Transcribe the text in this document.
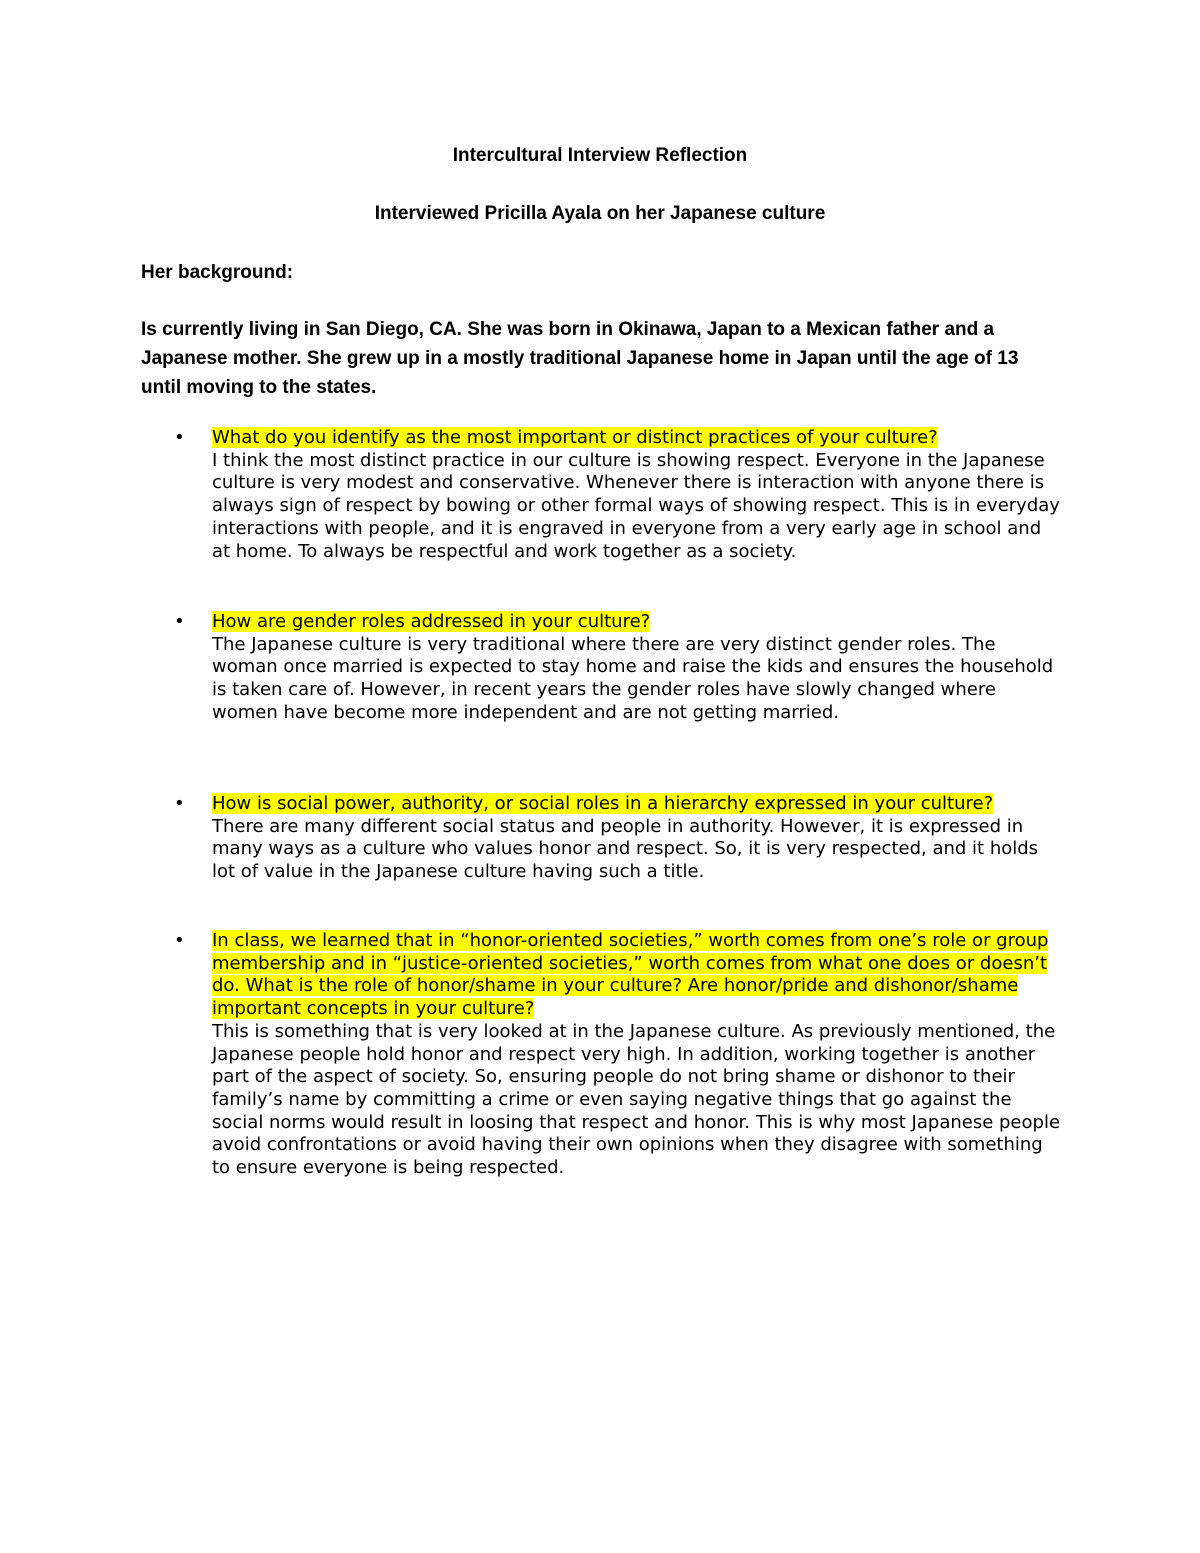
Intercultural Interview Reflection
Interviewed Pricilla Ayala on her Japanese culture

Her background:

Is currently living in San Diego, CA. She was born in Okinawa, Japan to a Mexican father and a Japanese mother. She grew up in a mostly traditional Japanese home in Japan until the age of 13 until moving to the states.

• What do you identify as the most important or distinct practices of your culture?
I think the most distinct practice in our culture is showing respect. Everyone in the Japanese culture is very modest and conservative. Whenever there is interaction with anyone there is always sign of respect by bowing or other formal ways of showing respect. This is in everyday interactions with people, and it is engraved in everyone from a very early age in school and at home. To always be respectful and work together as a society.
• How are gender roles addressed in your culture?
The Japanese culture is very traditional where there are very distinct gender roles. The woman once married is expected to stay home and raise the kids and ensures the household is taken care of. However, in recent years the gender roles have slowly changed where women have become more independent and are not getting married.
• How is social power, authority, or social roles in a hierarchy expressed in your culture?
There are many different social status and people in authority. However, it is expressed in many ways as a culture who values honor and respect. So, it is very respected, and it holds lot of value in the Japanese culture having such a title.
• In class, we learned that in “honor-oriented societies,” worth comes from one’s role or group membership and in “justice-oriented societies,” worth comes from what one does or doesn’t do. What is the role of honor/shame in your culture? Are honor/pride and dishonor/shame important concepts in your culture?
This is something that is very looked at in the Japanese culture. As previously mentioned, the Japanese people hold honor and respect very high. In addition, working together is another part of the aspect of society. So, ensuring people do not bring shame or dishonor to their family’s name by committing a crime or even saying negative things that go against the social norms would result in loosing that respect and honor. This is why most Japanese people avoid confrontations or avoid having their own opinions when they disagree with something to ensure everyone is being respected.
